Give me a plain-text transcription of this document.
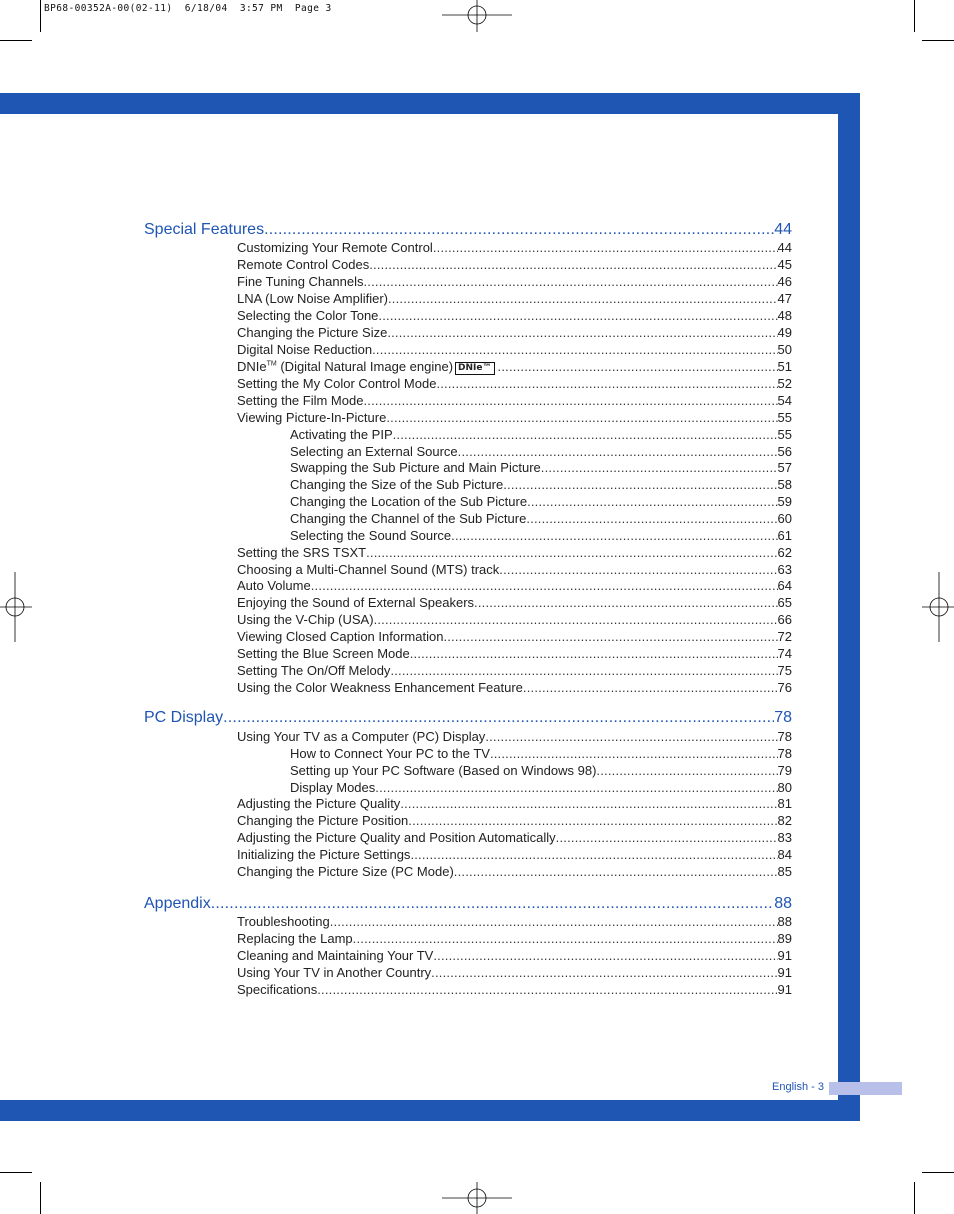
BP68-00352A-00(02-11)  6/18/04  3:57 PM  Page 3
Special Features .....	44
Customizing Your Remote Control .....	44
Remote Control Codes .....	45
Fine Tuning Channels .....	46
LNA (Low Noise Amplifier) .....	47
Selecting the Color Tone .....	48
Changing the Picture Size .....	49
Digital Noise Reduction .....	50
DNIe™ (Digital Natural Image engine) DNIe™ .....	51
Setting the My Color Control Mode .....	52
Setting the Film Mode .....	54
Viewing Picture-In-Picture .....	55
Activating the PIP .....	55
Selecting an External Source .....	56
Swapping the Sub Picture and Main Picture .....	57
Changing the Size of the Sub Picture .....	58
Changing the Location of the Sub Picture .....	59
Changing the Channel of the Sub Picture .....	60
Selecting the Sound Source .....	61
Setting the SRS TSXT .....	62
Choosing a Multi-Channel Sound (MTS) track .....	63
Auto Volume .....	64
Enjoying the Sound of External Speakers .....	65
Using the V-Chip (USA) .....	66
Viewing Closed Caption Information .....	72
Setting the Blue Screen Mode .....	74
Setting The On/Off Melody .....	75
Using the Color Weakness Enhancement Feature .....	76
PC Display .....	78
Using Your TV as a Computer (PC) Display .....	78
How to Connect Your PC to the TV .....	78
Setting up Your PC Software (Based on Windows 98) .....	79
Display Modes .....	80
Adjusting the Picture Quality .....	81
Changing the Picture Position .....	82
Adjusting the Picture Quality and Position Automatically .....	83
Initializing the Picture Settings .....	84
Changing the Picture Size (PC Mode) .....	85
Appendix .....	88
Troubleshooting .....	88
Replacing the Lamp .....	89
Cleaning and Maintaining Your TV .....	91
Using Your TV in Another Country .....	91
Specifications .....	91
English - 3
